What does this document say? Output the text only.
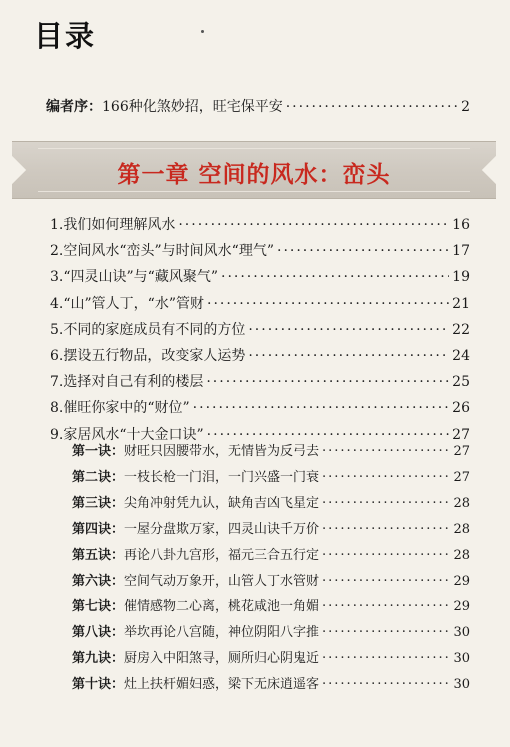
目录
编者序：166种化煞妙招，旺宅保平安 .....	2
第一章 空间的风水：峦头
1.我们如何理解风水 .....	16
2.空间风水“峦头”与时间风水“理气” .....	17
3.“四灵山诀”与“藏风聚气” .....	19
4.“山”管人丁，“水”管财 .....	21
5.不同的家庭成员有不同的方位 .....	22
6.摆设五行物品，改变家人运势 .....	24
7.选择对自己有利的楼层 .....	25
8.催旺你家中的“财位” .....	26
9.家居风水“十大金口诀” .....	27
第一诀：财旺只因腰带水，无情皆为反弓去 .....	27
第二诀：一枝长枪一门泪，一门兴盛一门衰 .....	27
第三诀：尖角冲射凭九认，缺角吉凶飞星定 .....	28
第四诀：一屋分盘欺万家，四灵山诀千万价 .....	28
第五诀：再论八卦九宫形，福元三合五行定 .....	28
第六诀：空间气动万象开，山管人丁水管财 .....	29
第七诀：催情感物二心离，桃花咸池一角媚 .....	29
第八诀：举坎再论八宫随，神位阴阳八字推 .....	30
第九诀：厨房入中阳煞寻，厕所归心阴鬼近 .....	30
第十诀：灶上扶杆媚妇惑，梁下无床逍遥客 .....	30
